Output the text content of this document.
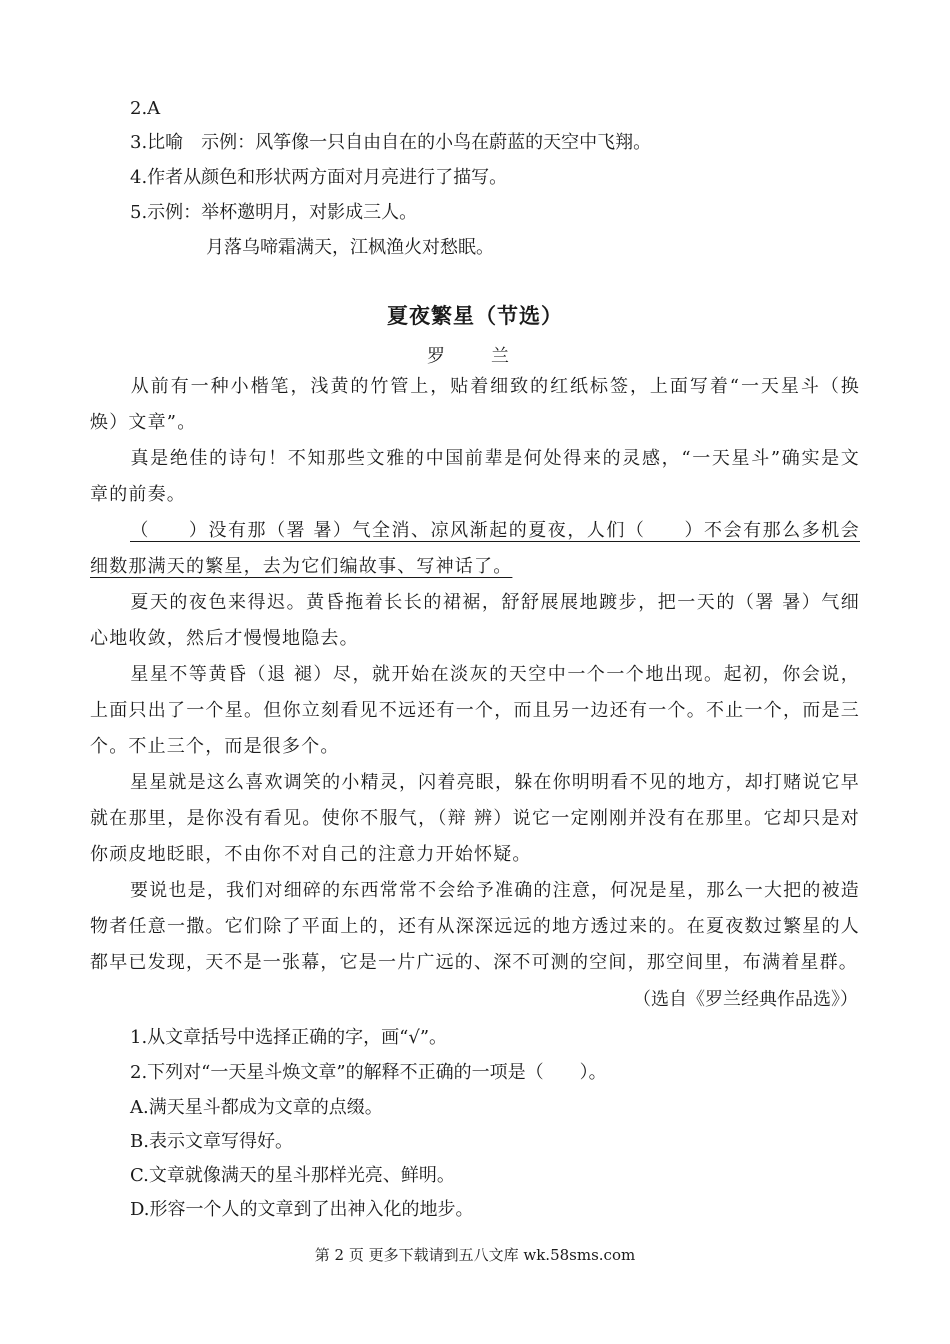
2.A
3.比喻　示例：风筝像一只自由自在的小鸟在蔚蓝的天空中飞翔。
4.作者从颜色和形状两方面对月亮进行了描写。
5.示例：举杯邀明月，对影成三人。
月落乌啼霜满天，江枫渔火对愁眠。
夏夜繁星（节选）
罗　兰
从前有一种小楷笔，浅黄的竹管上，贴着细致的红纸标签，上面写着“一天星斗（换 焕）文章”。
真是绝佳的诗句！不知那些文雅的中国前辈是何处得来的灵感，“一天星斗”确实是文章的前奏。
（　　）没有那（署 暑）气全消、凉风渐起的夏夜，人们（　　）不会有那么多机会细数那满天的繁星，去为它们编故事、写神话了。
夏天的夜色来得迟。黄昏拖着长长的裙裾，舒舒展展地踱步，把一天的（署 暑）气细心地收敛，然后才慢慢地隐去。
星星不等黄昏（退 褪）尽，就开始在淡灰的天空中一个一个地出现。起初，你会说，上面只出了一个星。但你立刻看见不远还有一个，而且另一边还有一个。不止一个，而是三个。不止三个，而是很多个。
星星就是这么喜欢调笑的小精灵，闪着亮眼，躲在你明明看不见的地方，却打赌说它早就在那里，是你没有看见。使你不服气，（辩 辨）说它一定刚刚并没有在那里。它却只是对你顽皮地眨眼，不由你不对自己的注意力开始怀疑。
要说也是，我们对细碎的东西常常不会给予准确的注意，何况是星，那么一大把的被造物者任意一撒。它们除了平面上的，还有从深深远远的地方透过来的。在夏夜数过繁星的人都早已发现，天不是一张幕，它是一片广远的、深不可测的空间，那空间里，布满着星群。
（选自《罗兰经典作品选》）
1.从文章括号中选择正确的字，画“√”。
2.下列对“一天星斗焕文章”的解释不正确的一项是（　　）。
A.满天星斗都成为文章的点缀。
B.表示文章写得好。
C.文章就像满天的星斗那样光亮、鲜明。
D.形容一个人的文章到了出神入化的地步。
第 2 页 更多下载请到五八文库 wk.58sms.com
